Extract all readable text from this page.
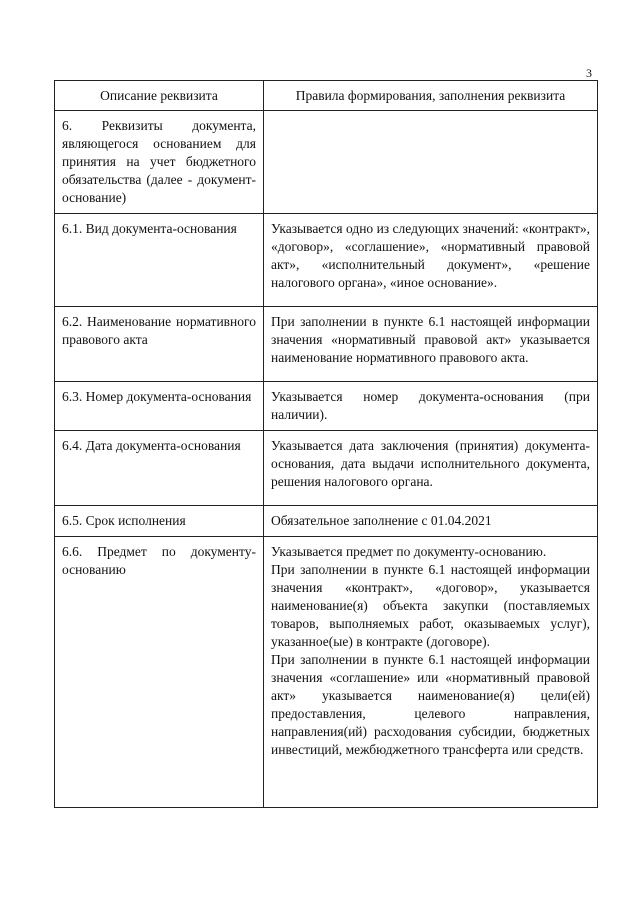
3
Описание реквизита	Правила формирования, заполнения реквизита

6. Реквизиты документа, являющегося основанием для принятия на учет бюджетного обязательства (далее - документ-основание)	

6.1. Вид документа-основания	Указывается одно из следующих значений: «контракт», «договор», «соглашение», «нормативный правовой акт», «исполнительный документ», «решение налогового органа», «иное основание».

6.2. Наименование нормативного правового акта	При заполнении в пункте 6.1 настоящей информации значения «нормативный правовой акт» указывается наименование нормативного правового акта.

6.3. Номер документа-основания	Указывается номер документа-основания (при наличии).

6.4. Дата документа-основания	Указывается дата заключения (принятия) документа-основания, дата выдачи исполнительного документа, решения налогового органа.

6.5. Срок исполнения	Обязательное заполнение с 01.04.2021

6.6. Предмет по документу-основанию	Указывается предмет по документу-основанию.

При заполнении в пункте 6.1 настоящей информации значения «контракт», «договор», указывается наименование(я) объекта закупки (поставляемых товаров, выполняемых работ, оказываемых услуг), указанное(ые) в контракте (договоре).

При заполнении в пункте 6.1 настоящей информации значения «соглашение» или «нормативный правовой акт» указывается наименование(я) цели(ей) предоставления, целевого направления, направления(ий) расходования субсидии, бюджетных инвестиций, межбюджетного трансферта или средств.
